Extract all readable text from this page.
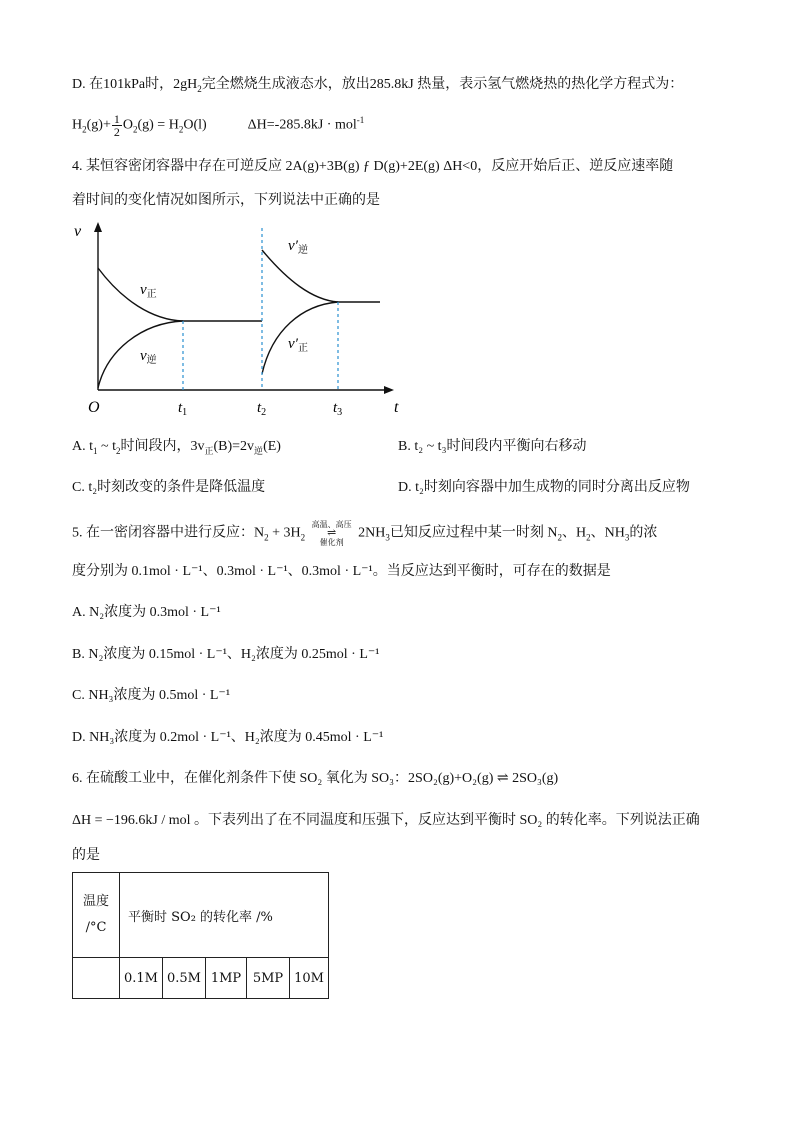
D. 在101kPa时，$2gH_2$完全燃烧生成液态水，放出285.8kJ 热量，表示氢气燃烧热的热化学方程式为：
$H_2(g)+ \frac{1}{2} O_2(g) = H_2O(l)$	ΔH=-285.8kJ · mol$^{-1}$
4. 某恒容密闭容器中存在可逆反应 2A(g)+3B(g) ƒ D(g)+2E(g) ΔH<0，反应开始后正、逆反应速率随
着时间的变化情况如图所示，下列说法中正确的是
v
t
O	$t_1$	$t_2$	$t_3$
$v_正$
$v_逆$
$v'_逆$
$v'_正$
A. $t_1$ ~ $t_2$时间段内，$3v_正(B)=2v_逆(E)$	B. t₂ ~ t₃时间段内平衡向右移动
C. t₂时刻改变的条件是降低温度	D. t₂时刻向容器中加生成物的同时分离出反应物
5. 在一密闭容器中进行反应：$N_2 + 3H_2$
高温、高压
⇌
催化剂
$2NH_3$已知反应过程中某一时刻 $N_2$、$H_2$、$NH_3$的浓
度分别为 0.1mol · L⁻¹、0.3mol · L⁻¹、0.3mol · L⁻¹。当反应达到平衡时，可存在的数据是
A. N₂浓度为 0.3mol · L⁻¹
B. N₂浓度为 0.15mol · L⁻¹、H₂浓度为 0.25mol · L⁻¹
C. NH₃浓度为 0.5mol · L⁻¹
D. NH₃浓度为 0.2mol · L⁻¹、H₂浓度为 0.45mol · L⁻¹
6. 在硫酸工业中，在催化剂条件下使 SO₂ 氧化为 SO₃：2SO₂(g)+O₂(g) ⇌ 2SO₃(g)
ΔH = −196.6kJ / mol 。下表列出了在不同温度和压强下，反应达到平衡时 SO₂ 的转化率。下列说法正确
的是
温度
/°C	平衡时 SO₂ 的转化率 /%				

0.1M	0.5M	1MP	5MP	10M
